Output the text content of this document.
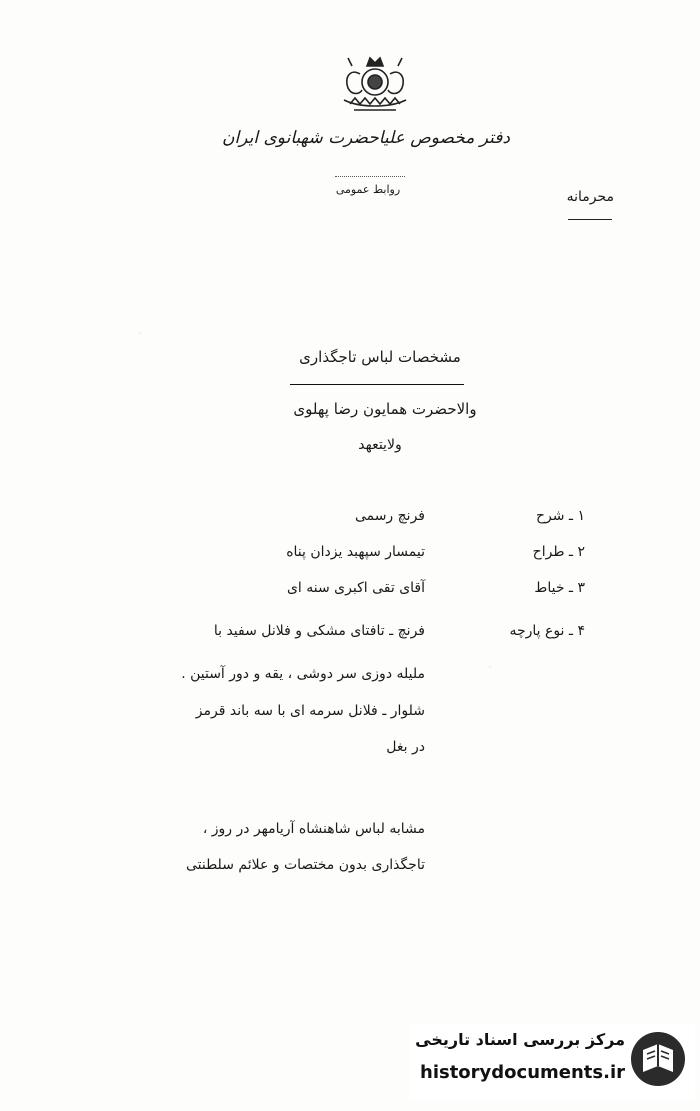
دفتر مخصوص علیاحضرت شهبانوی ایران
روابط عمومی	محرمانه
مشخصات لباس تاجگذاری
والاحضرت همایون رضا پهلوی
ولایتعهد
۱ ـ شرح
فرنچ رسمی
۲ ـ طراح
تیمسار سپهبد یزدان پناه
۳ ـ خیاط
آقای تقی اکبری سنه ای
۴ ـ نوع پارچه
فرنچ ـ تافتای مشکی و فلانل سفید با
ملیله دوزی سر دوشی ، یقه و دور آستین .
شلوار ـ فلانل سرمه ای با سه باند قرمز
در بغل
مشابه لباس شاهنشاه آریامهر در روز ،
تاجگذاری بدون مختصات و علائم سلطنتی
مرکز بررسی اسناد تاریخی
historydocuments.ir
